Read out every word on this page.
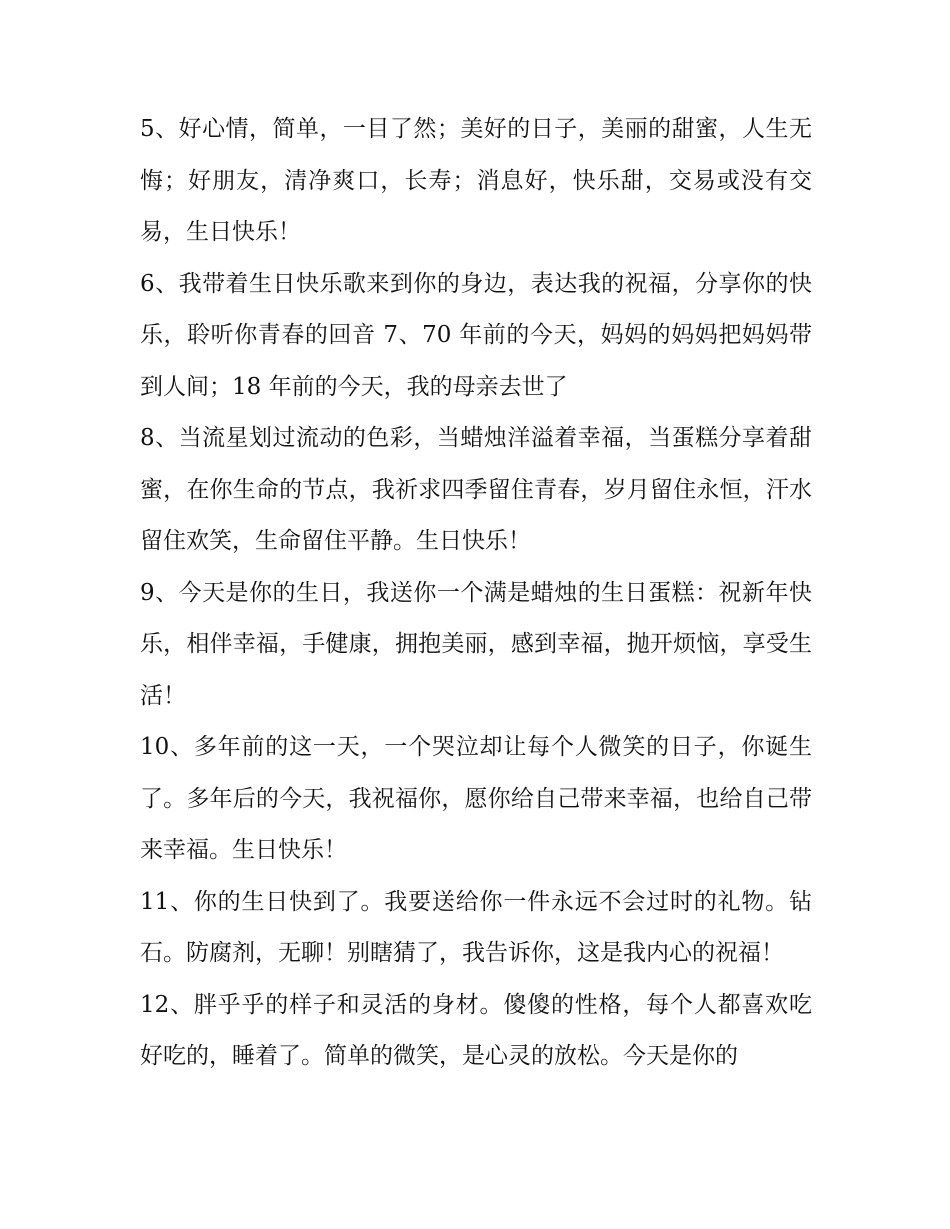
5、好心情，简单，一目了然；美好的日子，美丽的甜蜜，人生无悔；好朋友，清净爽口，长寿；消息好，快乐甜，交易或没有交易，生日快乐！

6、我带着生日快乐歌来到你的身边，表达我的祝福，分享你的快乐，聆听你青春的回音 7、70 年前的今天，妈妈的妈妈把妈妈带到人间；18 年前的今天，我的母亲去世了

8、当流星划过流动的色彩，当蜡烛洋溢着幸福，当蛋糕分享着甜蜜，在你生命的节点，我祈求四季留住青春，岁月留住永恒，汗水留住欢笑，生命留住平静。生日快乐！

9、今天是你的生日，我送你一个满是蜡烛的生日蛋糕：祝新年快乐，相伴幸福，手健康，拥抱美丽，感到幸福，抛开烦恼，享受生活！

10、多年前的这一天，一个哭泣却让每个人微笑的日子，你诞生了。多年后的今天，我祝福你，愿你给自己带来幸福，也给自己带来幸福。生日快乐！

11、你的生日快到了。我要送给你一件永远不会过时的礼物。钻石。防腐剂，无聊！别瞎猜了，我告诉你，这是我内心的祝福！

12、胖乎乎的样子和灵活的身材。傻傻的性格，每个人都喜欢吃好吃的，睡着了。简单的微笑，是心灵的放松。今天是你的
